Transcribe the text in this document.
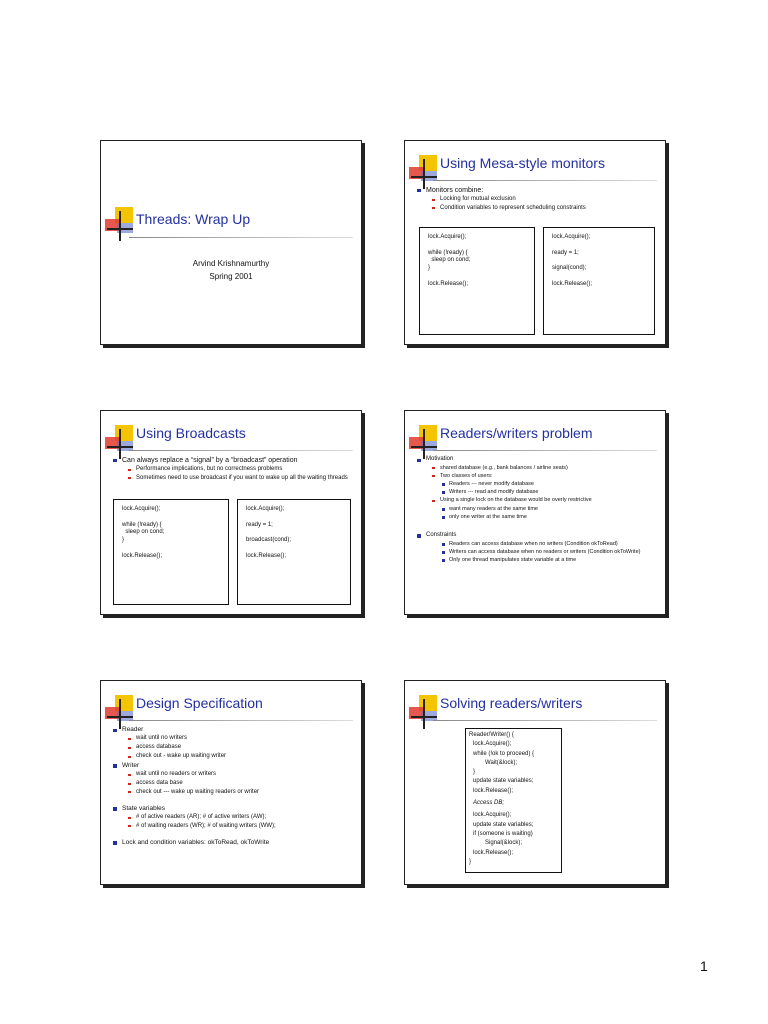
Threads: Wrap Up
Arvind Krishnamurthy
Spring 2001
Using Mesa-style monitors
Monitors combine:
Locking for mutual exclusion
Condition variables to represent scheduling constraints
lock.Acquire();
while (!ready) {
sleep on cond;
}
lock.Release();
lock.Acquire();
ready = 1;
signal(cond);
lock.Release();
Using Broadcasts
Can always replace a “signal” by a “broadcast” operation
Performance implications, but no correctness problems
Sometimes need to use broadcast if you want to wake up all the waiting threads
lock.Acquire();
while (!ready) {
sleep on cond;
}
lock.Release();
lock.Acquire();
ready = 1;
broadcast(cond);
lock.Release();
Readers/writers problem
Motivation
shared database (e.g., bank balances / airline seats)
Two classes of users:
Readers --- never modify database
Writers --- read and modify database
Using a single lock on the database would be overly restrictive
want many readers at the same time
only one writer at the same time
Constraints
Readers can access database when no writers (Condition okToRead)
Writers can access database when no readers or writers (Condition okToWrite)
Only one thread manipulates state variable at a time
Design Specification
Reader
wait until no writers
access database
check out - wake up waiting writer
Writer
wait until no readers or writers
access data base
check out --- wake up waiting readers or writer
State variables
# of active readers (AR); # of active writers (AW);
# of waiting readers (WR); # of waiting writers (WW);
Lock and condition variables: okToRead, okToWrite
Solving readers/writers
Reader/Writer() {
lock.Acquire();
while (!ok to proceed) {
Wait(&lock);
}
update state variables;
lock.Release();
Access DB;
lock.Acquire();
update state variables;
if (someone is waiting)
Signal(&lock);
lock.Release();
}
1
